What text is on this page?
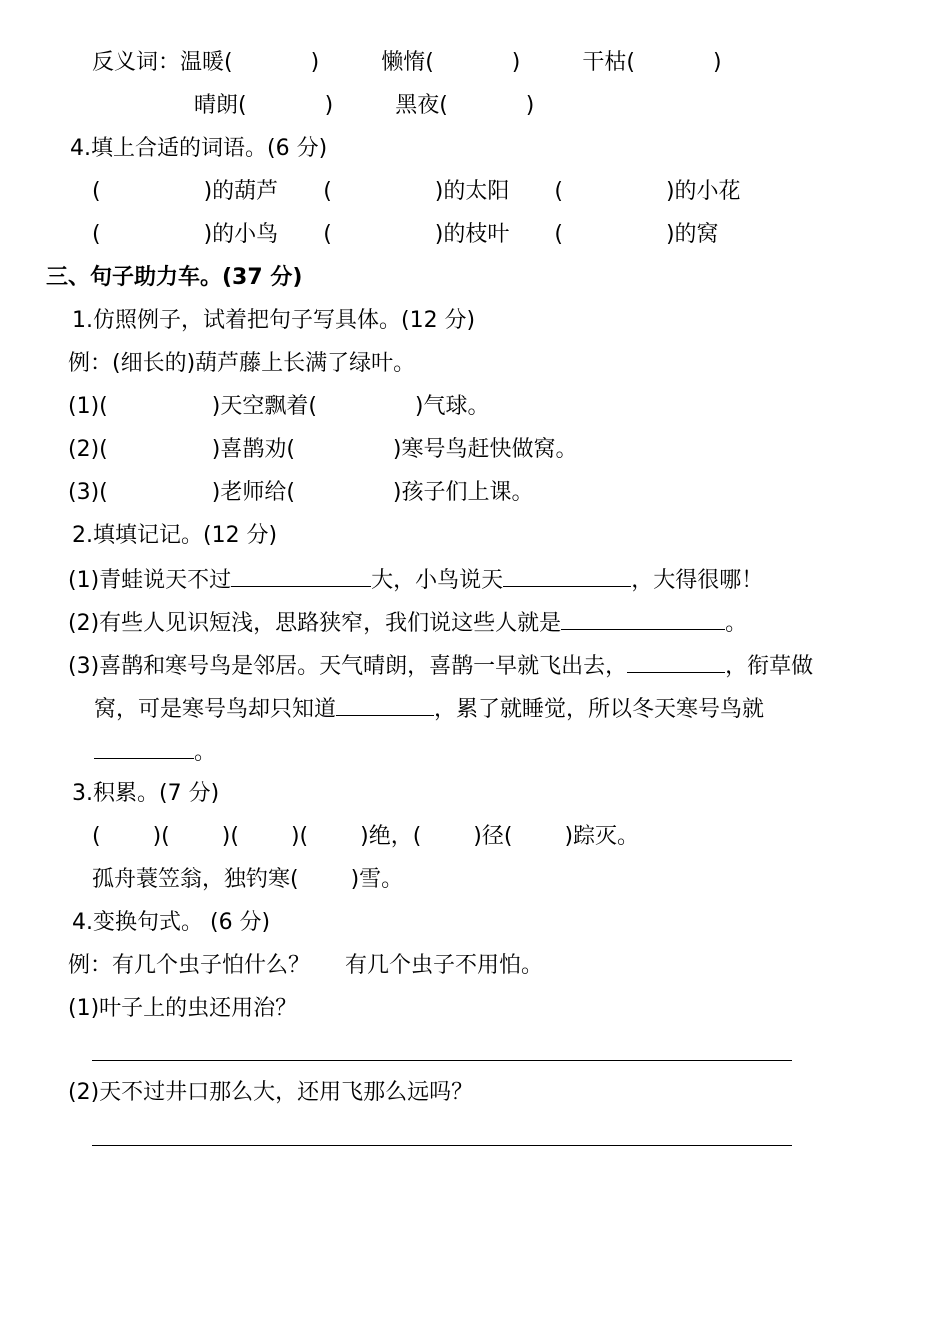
反义词：温暖(	)	懒惰(	)	干枯(	)
晴朗(	)	黑夜(	)
4.填上合适的词语。(6 分)
(	)的葫芦 (	)的太阳 (	)的小花
(	)的小鸟 (	)的枝叶 (	)的窝
三、句子助力车。(37 分)
1.仿照例子，试着把句子写具体。(12 分)
例：(细长的)葫芦藤上长满了绿叶。
(1)(	)天空飘着(	)气球。
(2)(	)喜鹊劝(	)寒号鸟赶快做窝。
(3)(	)老师给(	)孩子们上课。
2.填填记记。(12 分)
(1)青蛙说天不过	大，小鸟说天	，大得很哪！
(2)有些人见识短浅，思路狭窄，我们说这些人就是	。
(3)喜鹊和寒号鸟是邻居。天气晴朗，喜鹊一早就飞出去，	，衔草做
窝，可是寒号鸟却只知道	，累了就睡觉，所以冬天寒号鸟就
。
3.积累。(7 分)
( )( )( )( )绝，( )径( )踪灭。
孤舟蓑笠翁，独钓寒( )雪。
4.变换句式。 (6 分)
例：有几个虫子怕什么？     有几个虫子不用怕。
(1)叶子上的虫还用治？
(2)天不过井口那么大，还用飞那么远吗？
